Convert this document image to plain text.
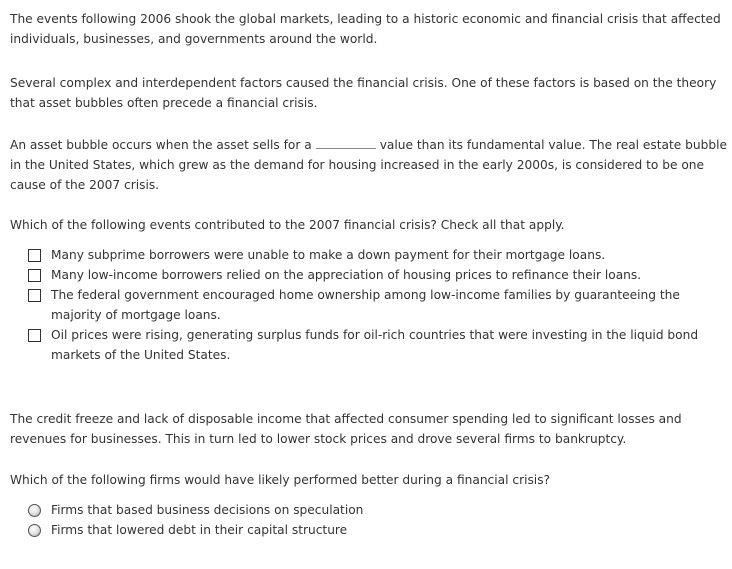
The events following 2006 shook the global markets, leading to a historic economic and financial crisis that affected individuals, businesses, and governments around the world.

Several complex and interdependent factors caused the financial crisis. One of these factors is based on the theory that asset bubbles often precede a financial crisis.

An asset bubble occurs when the asset sells for a	value than its fundamental value. The real estate bubble in the United States, which grew as the demand for housing increased in the early 2000s, is considered to be one cause of the 2007 crisis.

Which of the following events contributed to the 2007 financial crisis? Check all that apply.

Many subprime borrowers were unable to make a down payment for their mortgage loans.
Many low-income borrowers relied on the appreciation of housing prices to refinance their loans.
The federal government encouraged home ownership among low-income families by guaranteeing the majority of mortgage loans.
Oil prices were rising, generating surplus funds for oil-rich countries that were investing in the liquid bond markets of the United States.

The credit freeze and lack of disposable income that affected consumer spending led to significant losses and revenues for businesses. This in turn led to lower stock prices and drove several firms to bankruptcy.

Which of the following firms would have likely performed better during a financial crisis?

Firms that based business decisions on speculation
Firms that lowered debt in their capital structure
